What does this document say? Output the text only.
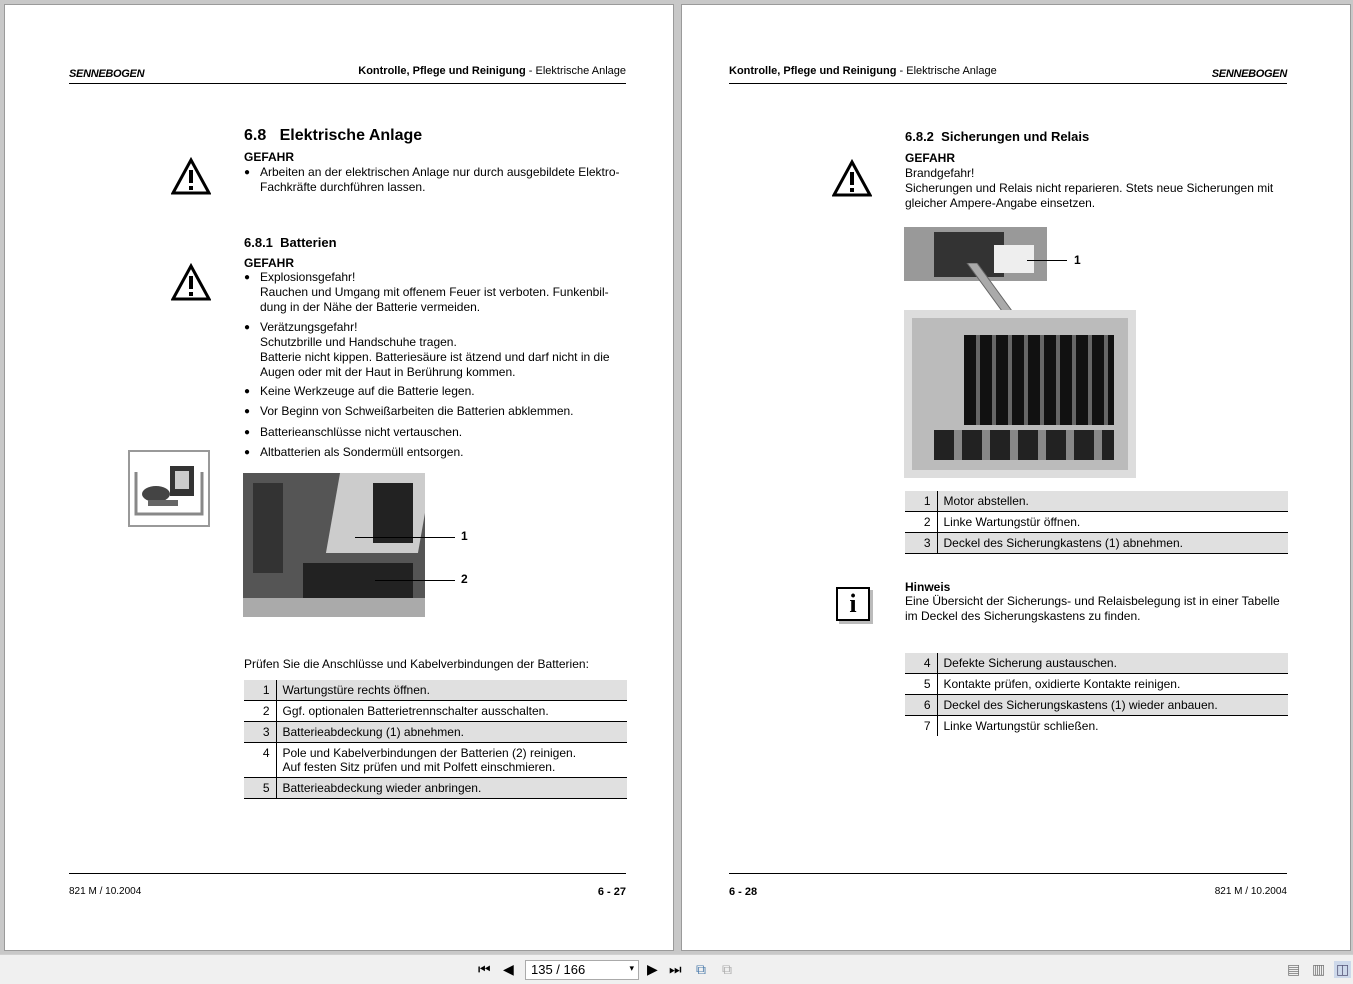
SENNEBOGEN	Kontrolle, Pflege und Reinigung - Elektrische Anlage
6.8 Elektrische Anlage
GEFAHR
● Arbeiten an der elektrischen Anlage nur durch ausgebildete Elektro-Fachkräfte durchführen lassen.
6.8.1 Batterien
GEFAHR
● Explosionsgefahr!
Rauchen und Umgang mit offenem Feuer ist verboten. Funkenbil-dung in der Nähe der Batterie vermeiden.
● Verätzungsgefahr!
Schutzbrille und Handschuhe tragen.
Batterie nicht kippen. Batteriesäure ist ätzend und darf nicht in die Augen oder mit der Haut in Berührung kommen.
● Keine Werkzeuge auf die Batterie legen.
● Vor Beginn von Schweißarbeiten die Batterien abklemmen.
● Batterieanschlüsse nicht vertauschen.
● Altbatterien als Sondermüll entsorgen.
1
2
Prüfen Sie die Anschlüsse und Kabelverbindungen der Batterien:
1	Wartungstüre rechts öffnen.
2	Ggf. optionalen Batterietrennschalter ausschalten.
3	Batterieabdeckung (1) abnehmen.
4	Pole und Kabelverbindungen der Batterien (2) reinigen.
Auf festen Sitz prüfen und mit Polfett einschmieren.
5	Batterieabdeckung wieder anbringen.
821 M / 10.2004	6 - 27
Kontrolle, Pflege und Reinigung - Elektrische Anlage	SENNEBOGEN
6.8.2 Sicherungen und Relais
GEFAHR
Brandgefahr!
Sicherungen und Relais nicht reparieren. Stets neue Sicherungen mit gleicher Ampere-Angabe einsetzen.
1
1	Motor abstellen.
2	Linke Wartungstür öffnen.
3	Deckel des Sicherungkastens (1) abnehmen.
i
Hinweis
Eine Übersicht der Sicherungs- und Relaisbelegung ist in einer Tabelle im Deckel des Sicherungskastens zu finden.
4	Defekte Sicherung austauschen.
5	Kontakte prüfen, oxidierte Kontakte reinigen.
6	Deckel des Sicherungskastens (1) wieder anbauen.
7	Linke Wartungstür schließen.
6 - 28	821 M / 10.2004
⏮ ◀	135 / 166	▾ ▶ ⏭ ⧉ ⧉	▤ ▥ ◫
